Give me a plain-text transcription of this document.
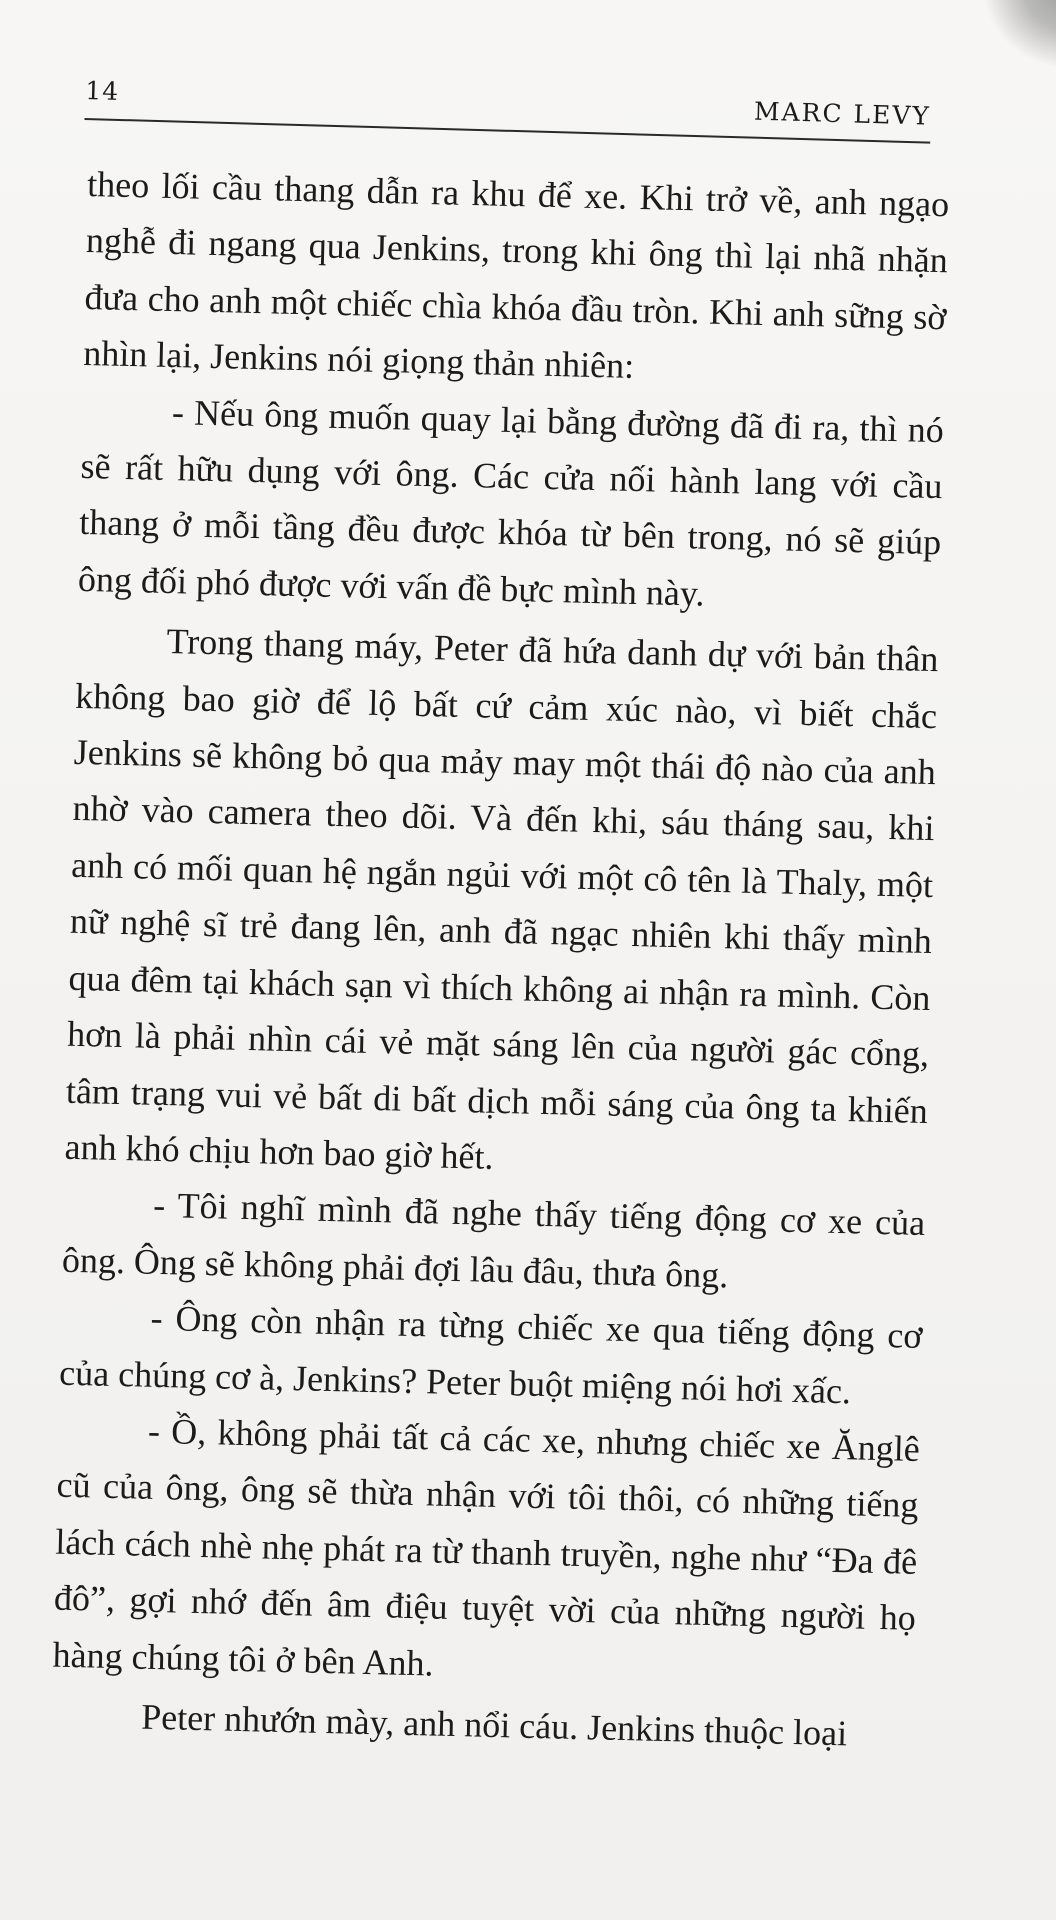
14
MARC LEVY

theo lối cầu thang dẫn ra khu để xe. Khi trở về, anh ngạo nghễ đi ngang qua Jenkins, trong khi ông thì lại nhã nhặn đưa cho anh một chiếc chìa khóa đầu tròn. Khi anh sững sờ nhìn lại, Jenkins nói giọng thản nhiên:

- Nếu ông muốn quay lại bằng đường đã đi ra, thì nó sẽ rất hữu dụng với ông. Các cửa nối hành lang với cầu thang ở mỗi tầng đều được khóa từ bên trong, nó sẽ giúp ông đối phó được với vấn đề bực mình này.

Trong thang máy, Peter đã hứa danh dự với bản thân không bao giờ để lộ bất cứ cảm xúc nào, vì biết chắc Jenkins sẽ không bỏ qua mảy may một thái độ nào của anh nhờ vào camera theo dõi. Và đến khi, sáu tháng sau, khi anh có mối quan hệ ngắn ngủi với một cô tên là Thaly, một nữ nghệ sĩ trẻ đang lên, anh đã ngạc nhiên khi thấy mình qua đêm tại khách sạn vì thích không ai nhận ra mình. Còn hơn là phải nhìn cái vẻ mặt sáng lên của người gác cổng, tâm trạng vui vẻ bất di bất dịch mỗi sáng của ông ta khiến anh khó chịu hơn bao giờ hết.

- Tôi nghĩ mình đã nghe thấy tiếng động cơ xe của ông. Ông sẽ không phải đợi lâu đâu, thưa ông.

- Ông còn nhận ra từng chiếc xe qua tiếng động cơ của chúng cơ à, Jenkins? Peter buột miệng nói hơi xấc.

- Ồ, không phải tất cả các xe, nhưng chiếc xe Ănglê cũ của ông, ông sẽ thừa nhận với tôi thôi, có những tiếng lách cách nhè nhẹ phát ra từ thanh truyền, nghe như “Đa đê đô”, gợi nhớ đến âm điệu tuyệt vời của những người họ hàng chúng tôi ở bên Anh.

Peter nhướn mày, anh nổi cáu. Jenkins thuộc loại
